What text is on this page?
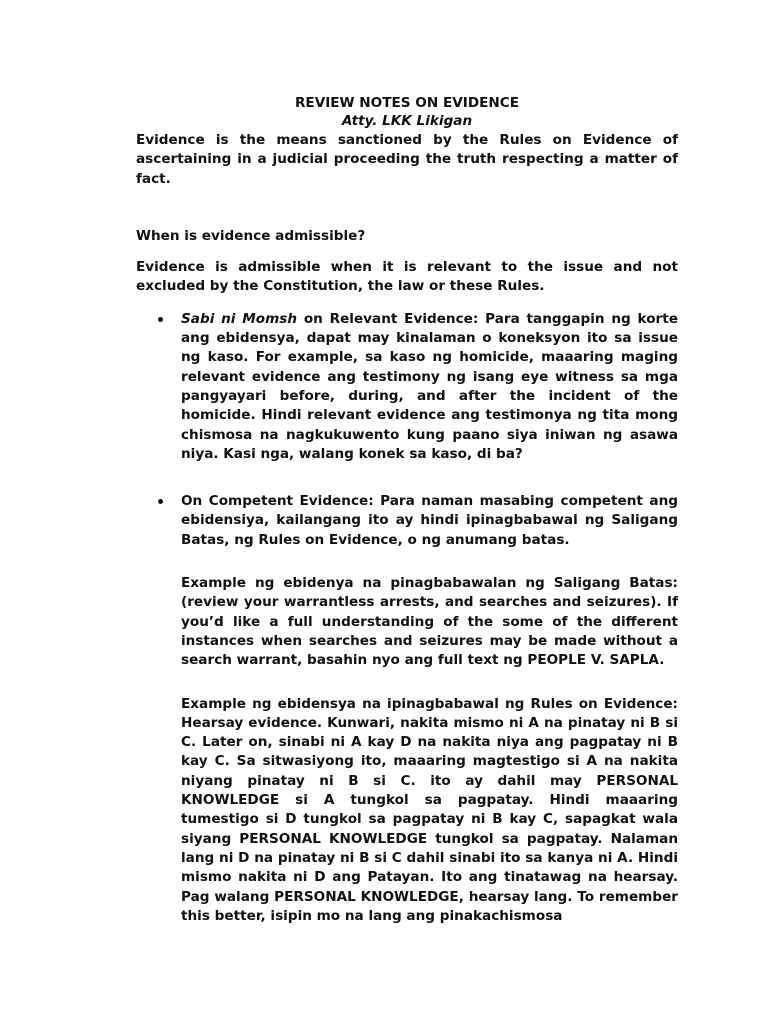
REVIEW NOTES ON EVIDENCE
Atty. LKK Likigan

Evidence is the means sanctioned by the Rules on Evidence of ascertaining in a judicial proceeding the truth respecting a matter of fact.

When is evidence admissible?

Evidence is admissible when it is relevant to the issue and not excluded by the Constitution, the law or these Rules.

Sabi ni Momsh on Relevant Evidence: Para tanggapin ng korte ang ebidensya, dapat may kinalaman o koneksyon ito sa issue ng kaso. For example, sa kaso ng homicide, maaaring maging relevant evidence ang testimony ng isang eye witness sa mga pangyayari before, during, and after the incident of the homicide. Hindi relevant evidence ang testimonya ng tita mong chismosa na nagkukuwento kung paano siya iniwan ng asawa niya. Kasi nga, walang konek sa kaso, di ba?

On Competent Evidence: Para naman masabing competent ang ebidensiya, kailangang ito ay hindi ipinagbabawal ng Saligang Batas, ng Rules on Evidence, o ng anumang batas.

Example ng ebidenya na pinagbabawalan ng Saligang Batas: (review your warrantless arrests, and searches and seizures). If you’d like a full understanding of the some of the different instances when searches and seizures may be made without a search warrant, basahin nyo ang full text ng PEOPLE V. SAPLA.

Example ng ebidensya na ipinagbabawal ng Rules on Evidence: Hearsay evidence. Kunwari, nakita mismo ni A na pinatay ni B si C. Later on, sinabi ni A kay D na nakita niya ang pagpatay ni B kay C. Sa sitwasiyong ito, maaaring magtestigo si A na nakita niyang pinatay ni B si C. ito ay dahil may PERSONAL KNOWLEDGE si A tungkol sa pagpatay. Hindi maaaring tumestigo si D tungkol sa pagpatay ni B kay C, sapagkat wala siyang PERSONAL KNOWLEDGE tungkol sa pagpatay. Nalaman lang ni D na pinatay ni B si C dahil sinabi ito sa kanya ni A. Hindi mismo nakita ni D ang Patayan. Ito ang tinatawag na hearsay. Pag walang PERSONAL KNOWLEDGE, hearsay lang. To remember this better, isipin mo na lang ang pinakachismosa
